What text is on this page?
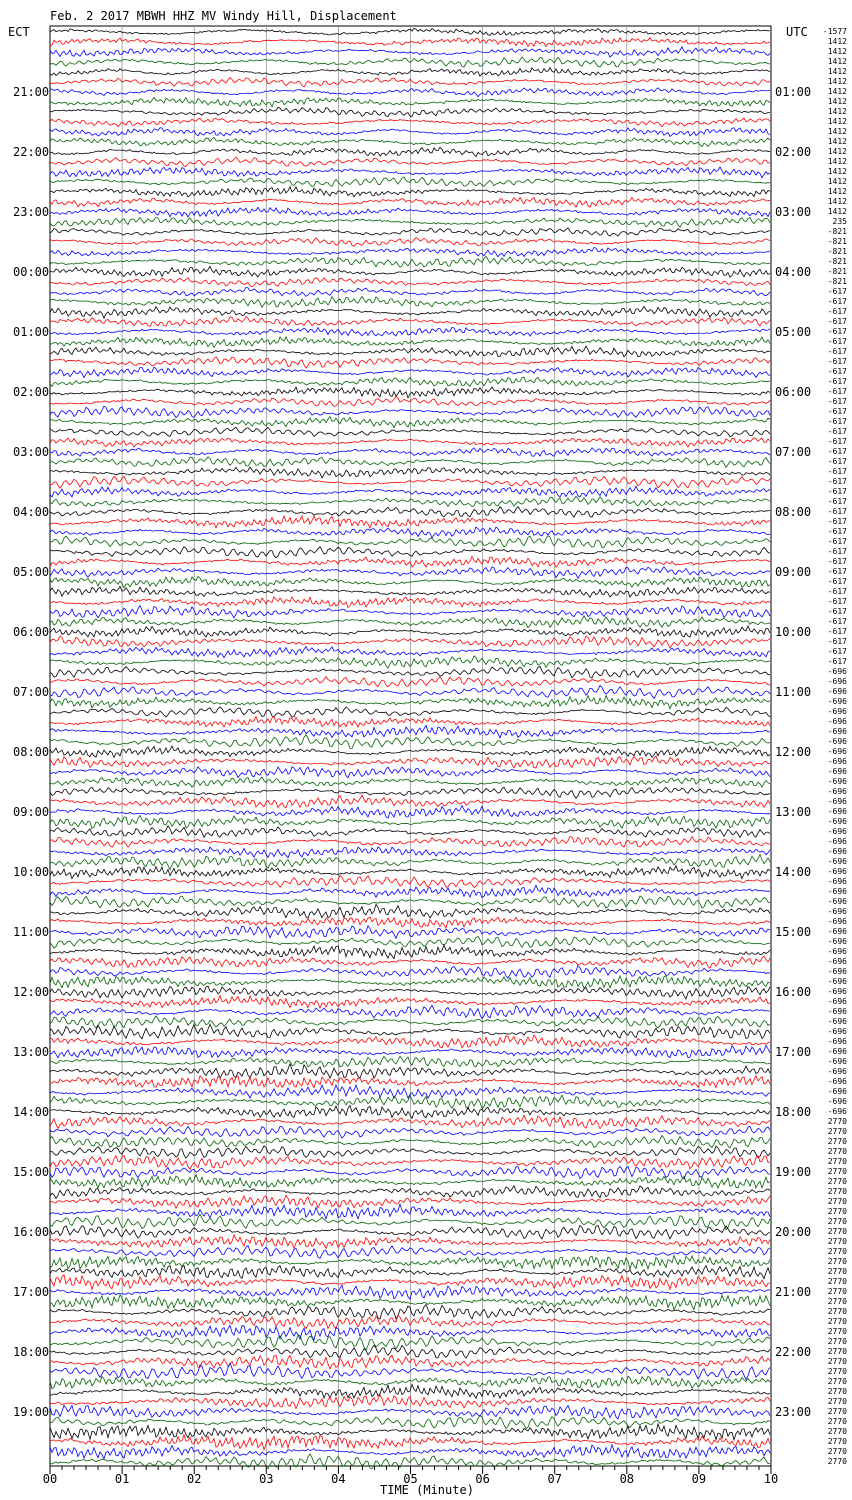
Feb. 2 2017 MBWH HHZ MV Windy Hill, Displacement
ECT	UTC
21:00
22:00
23:00
00:00
01:00
02:00
03:00
04:00
05:00
06:00
07:00
08:00
09:00
10:00
11:00
12:00
13:00
14:00
15:00
16:00
17:00
18:00
19:00
01:00
02:00
03:00
04:00
05:00
06:00
07:00
08:00
09:00
10:00
11:00
12:00
13:00
14:00
15:00
16:00
17:00
18:00
19:00
20:00
21:00
22:00
23:00
-1577
1412
1412
1412
1412
1412
1412
1412
1412
1412
1412
1412
1412
1412
1412
1412
1412
1412
1412
235
-821
-821
-821
-821
-821
-821
-617
-617
-617
-617
-617
-617
-617
-617
-617
-617
-617
-617
-617
-617
-617
-617
-617
-617
-617
-617
-617
-617
-617
-617
-617
-617
-617
-617
-617
-617
-617
-617
-617
-617
-617
-617
-617
-617
-696
-696
-696
-696
-696
-696
-696
-696
-696
-696
-696
-696
-696
-696
-696
-696
-696
-696
-696
-696
-696
-696
-696
-696
-696
-696
-696
-696
-696
-696
-696
-696
-696
-696
-696
-696
-696
-696
-696
-696
-696
-696
-696
-696
-696
2770
2770
2770
2770
2770
2770
2770
2770
2770
2770
2770
2770
2770
2770
2770
2770
2770
2770
2770
2770
2770
2770
2770
2770
2770
2770
2770
2770
2770
2770
2770
2770
2770
2770
2770
00	01	02	03	04	05	06	07	08	09	10
TIME (Minute)
